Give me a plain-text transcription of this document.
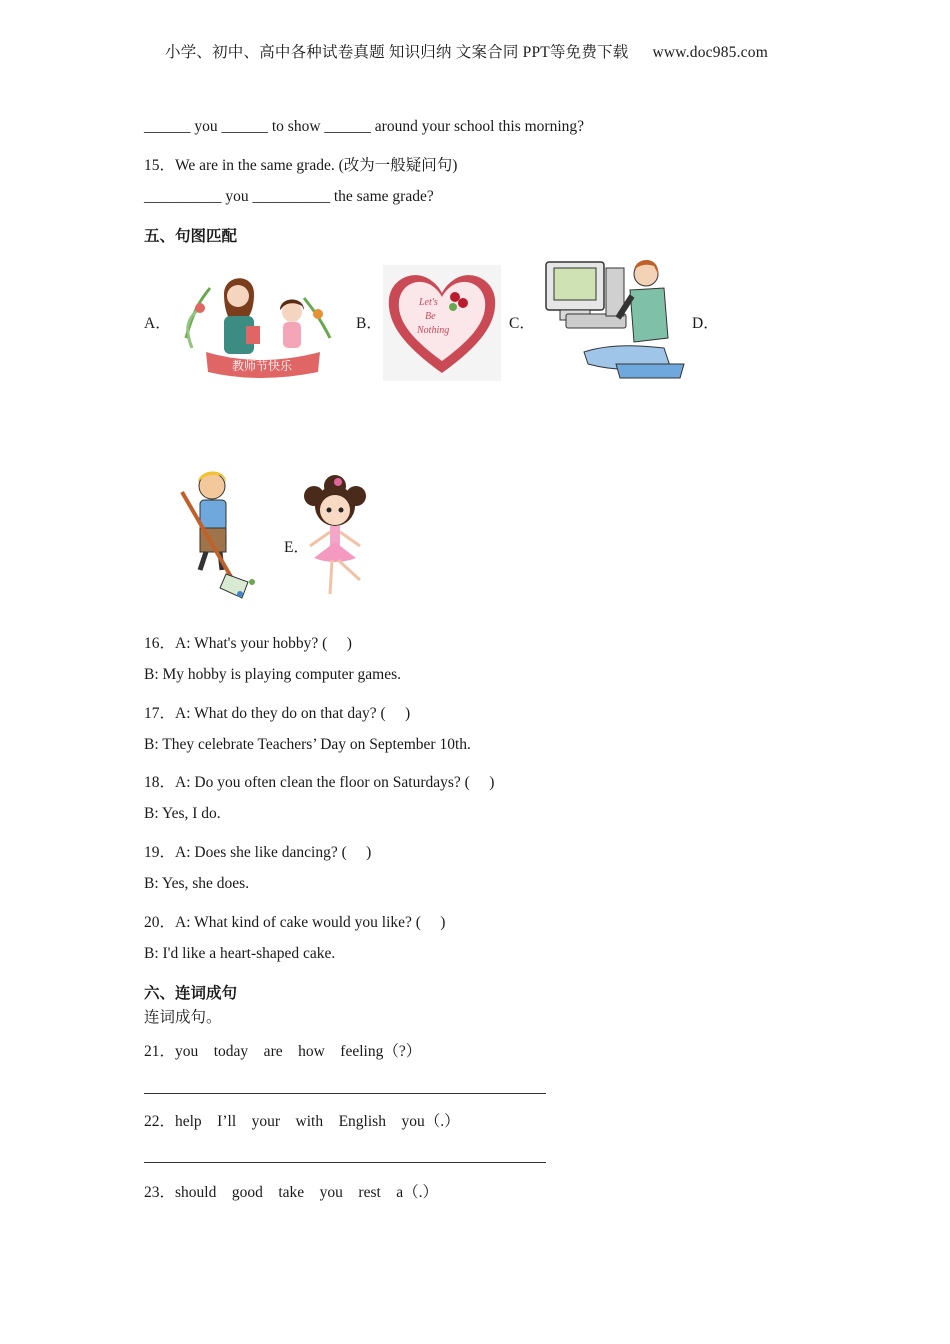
小学、初中、高中各种试卷真题 知识归纳 文案合同 PPT等免费下载 www.doc985.com
______ you ______ to show ______ around your school this morning?
15．We are in the same grade. (改为一般疑问句)
__________ you __________ the same grade?
五、句图匹配
A．	B．	C．	D．
E．
教师节快乐
Let's
Be
Nothing
16．A: What's your hobby? (　 )
B: My hobby is playing computer games.
17．A: What do they do on that day? (　 )
B: They celebrate Teachers’ Day on September 10th.
18．A: Do you often clean the floor on Saturdays? (　 )
B: Yes, I do.
19．A: Does she like dancing? (　 )
B: Yes, she does.
20．A: What kind of cake would you like? (　 )
B: I'd like a heart-shaped cake.
六、连词成句
连词成句。
21．you　today　are　how　feeling（?）
22．help　I’ll　your　with　English　you（.）
23．should　good　take　you　rest　a（.）
